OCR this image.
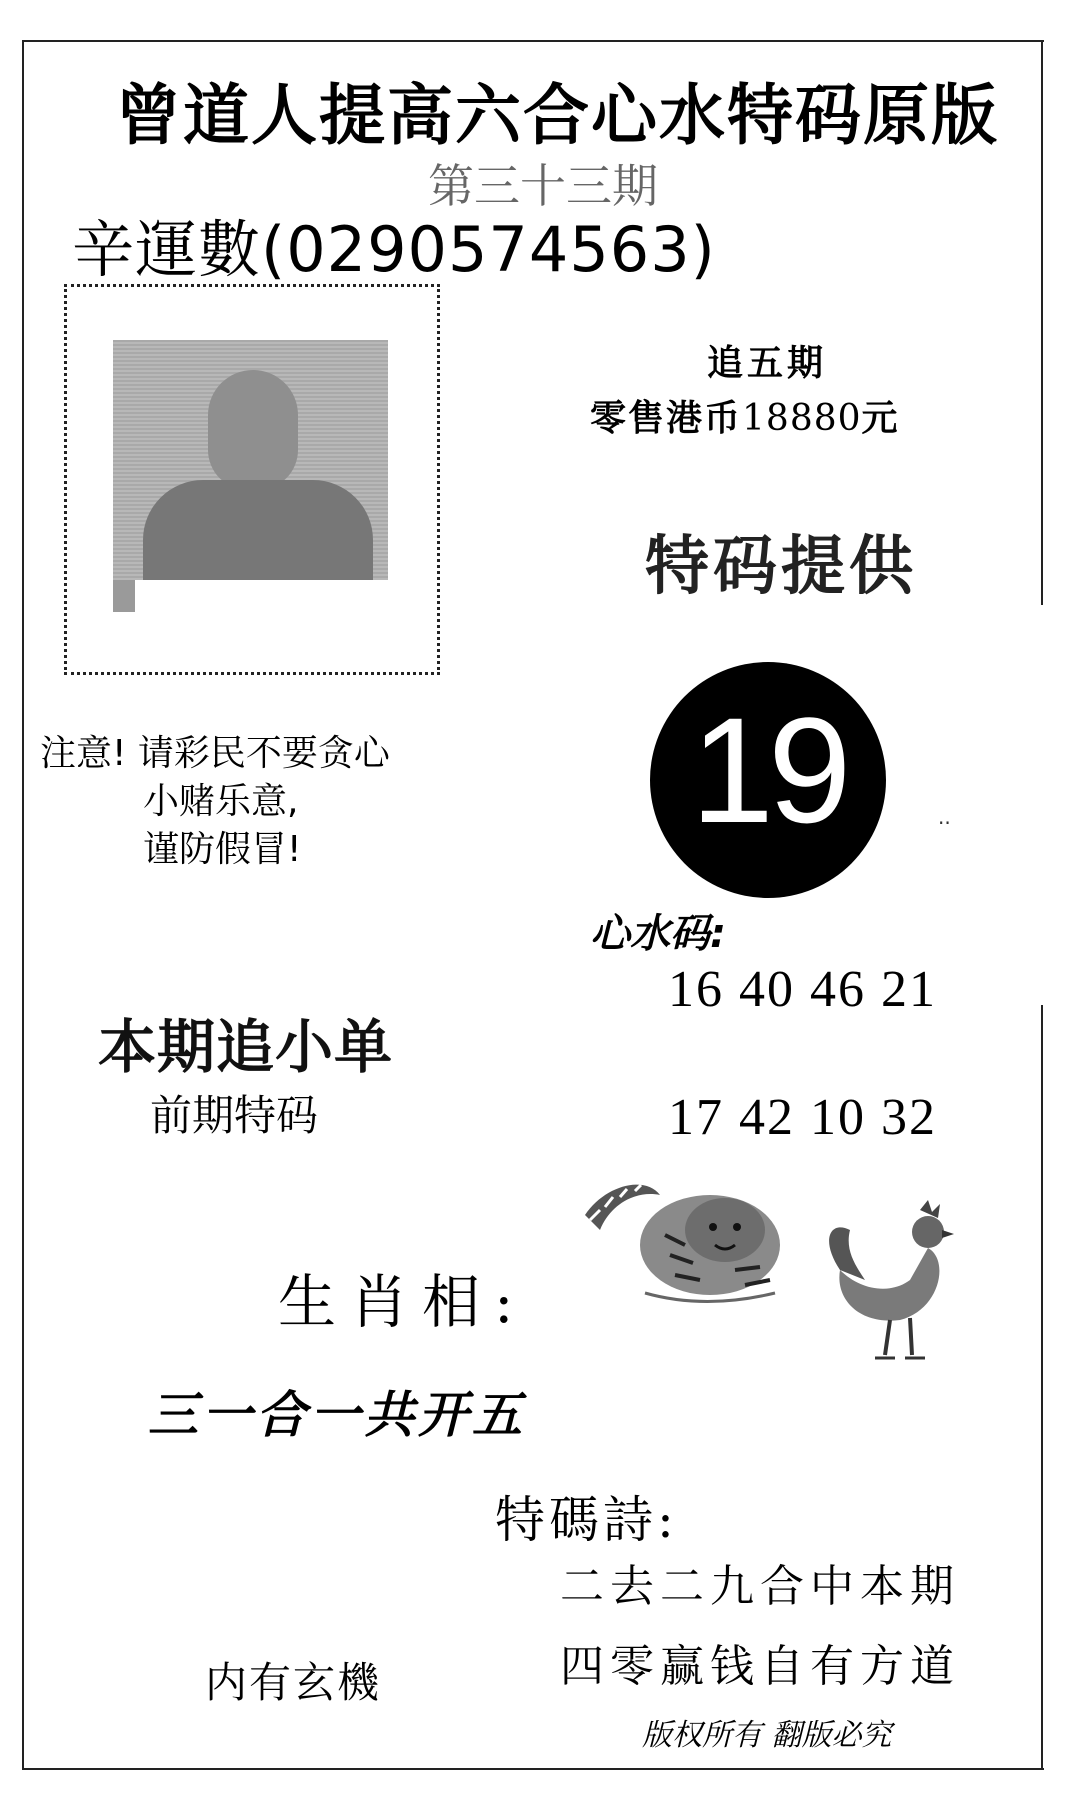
曾道人提高六合心水特码原版
第三十三期
辛運數(0290574563)
追五期
零售港币18880元
特码提供
19	..
注意! 请彩民不要贪心
小赌乐意,
谨防假冒!
心水码:
16 40 46 21
17 42 10 32
本期追小单
前期特码
生肖相:
三一合一共开五
特碼詩:
二去二九合中本期
四零赢钱自有方道
内有玄機
版权所有 翻版必究
